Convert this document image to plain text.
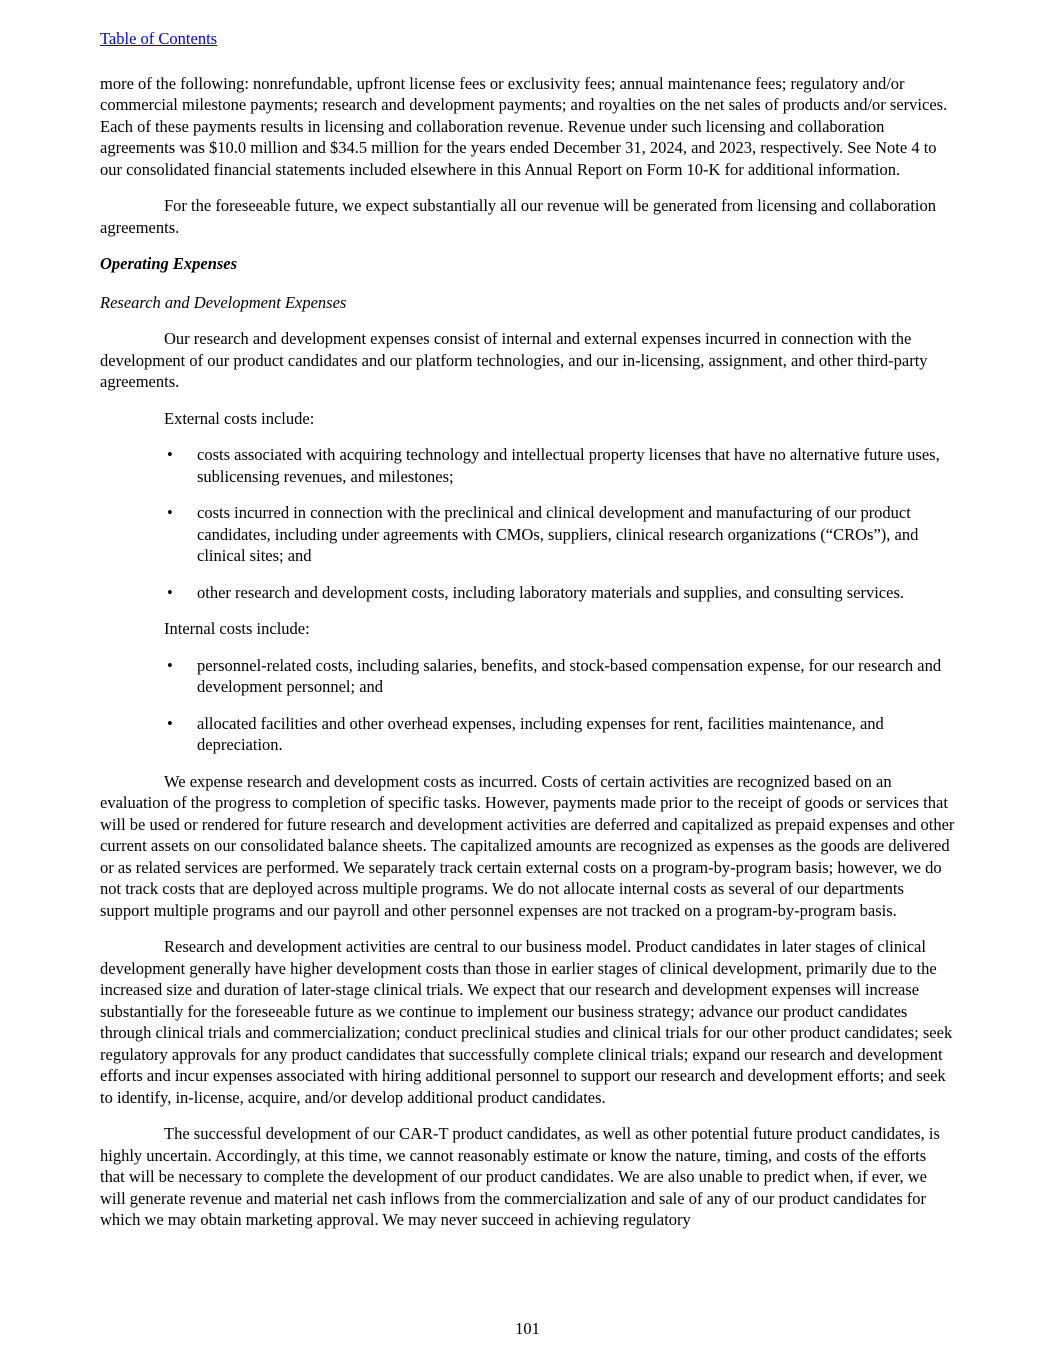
Table of Contents

more of the following: nonrefundable, upfront license fees or exclusivity fees; annual maintenance fees; regulatory and/or commercial milestone payments; research and development payments; and royalties on the net sales of products and/or services. Each of these payments results in licensing and collaboration revenue. Revenue under such licensing and collaboration agreements was $10.0 million and $34.5 million for the years ended December 31, 2024, and 2023, respectively. See Note 4 to our consolidated financial statements included elsewhere in this Annual Report on Form 10-K for additional information.

For the foreseeable future, we expect substantially all our revenue will be generated from licensing and collaboration agreements.

Operating Expenses
Research and Development Expenses

Our research and development expenses consist of internal and external expenses incurred in connection with the development of our product candidates and our platform technologies, and our in-licensing, assignment, and other third-party agreements.

External costs include:

• costs associated with acquiring technology and intellectual property licenses that have no alternative future uses, sublicensing revenues, and milestones;
• costs incurred in connection with the preclinical and clinical development and manufacturing of our product candidates, including under agreements with CMOs, suppliers, clinical research organizations (“CROs”), and clinical sites; and
• other research and development costs, including laboratory materials and supplies, and consulting services.

Internal costs include:

• personnel-related costs, including salaries, benefits, and stock-based compensation expense, for our research and development personnel; and
• allocated facilities and other overhead expenses, including expenses for rent, facilities maintenance, and depreciation.

We expense research and development costs as incurred. Costs of certain activities are recognized based on an evaluation of the progress to completion of specific tasks. However, payments made prior to the receipt of goods or services that will be used or rendered for future research and development activities are deferred and capitalized as prepaid expenses and other current assets on our consolidated balance sheets. The capitalized amounts are recognized as expenses as the goods are delivered or as related services are performed. We separately track certain external costs on a program-by-program basis; however, we do not track costs that are deployed across multiple programs. We do not allocate internal costs as several of our departments support multiple programs and our payroll and other personnel expenses are not tracked on a program-by-program basis.

Research and development activities are central to our business model. Product candidates in later stages of clinical development generally have higher development costs than those in earlier stages of clinical development, primarily due to the increased size and duration of later-stage clinical trials. We expect that our research and development expenses will increase substantially for the foreseeable future as we continue to implement our business strategy; advance our product candidates through clinical trials and commercialization; conduct preclinical studies and clinical trials for our other product candidates; seek regulatory approvals for any product candidates that successfully complete clinical trials; expand our research and development efforts and incur expenses associated with hiring additional personnel to support our research and development efforts; and seek to identify, in-license, acquire, and/or develop additional product candidates.

The successful development of our CAR-T product candidates, as well as other potential future product candidates, is highly uncertain. Accordingly, at this time, we cannot reasonably estimate or know the nature, timing, and costs of the efforts that will be necessary to complete the development of our product candidates. We are also unable to predict when, if ever, we will generate revenue and material net cash inflows from the commercialization and sale of any of our product candidates for which we may obtain marketing approval. We may never succeed in achieving regulatory

101
